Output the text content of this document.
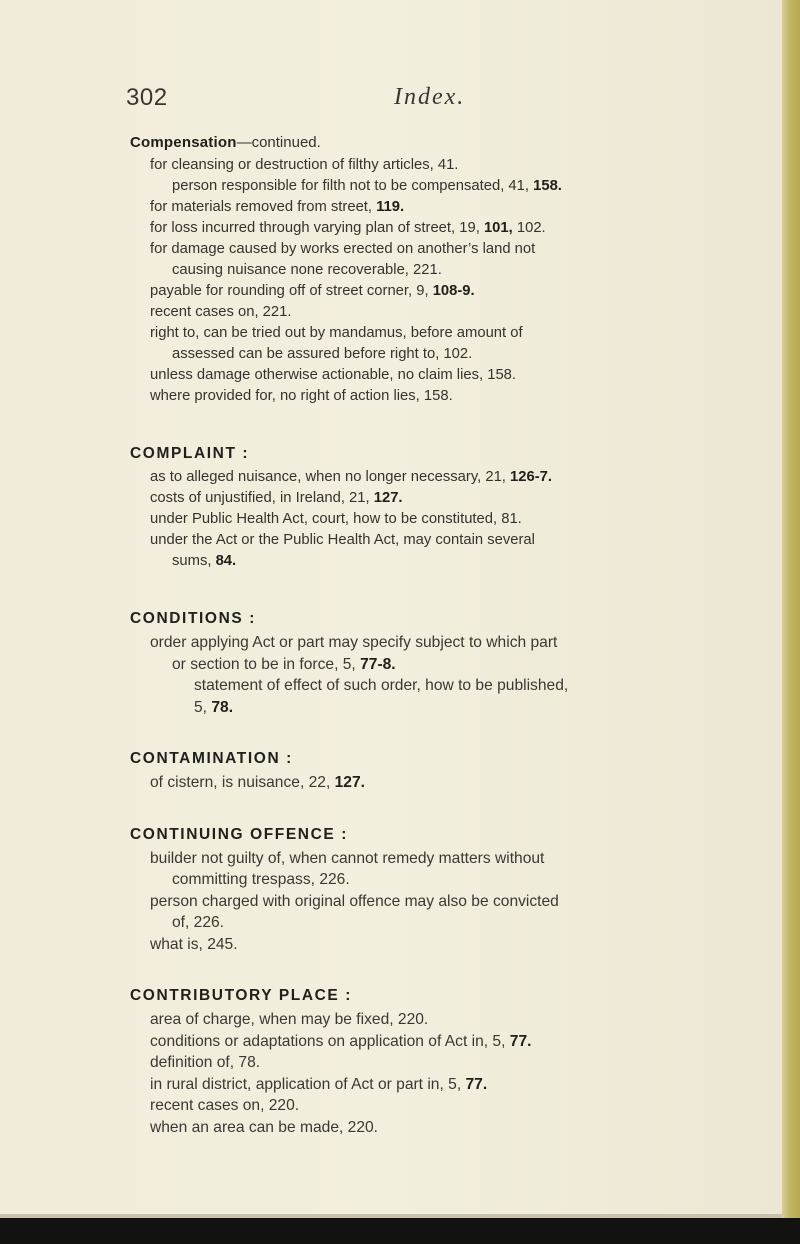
302	Index.
Compensation—continued.
for cleansing or destruction of filthy articles, 41.
person responsible for filth not to be compensated, 41, 158.
for materials removed from street, 119.
for loss incurred through varying plan of street, 19, 101, 102.
for damage caused by works erected on another’s land not
causing nuisance none recoverable, 221.
payable for rounding off of street corner, 9, 108-9.
recent cases on, 221.
right to, can be tried out by mandamus, before amount of
assessed can be assured before right to, 102.
unless damage otherwise actionable, no claim lies, 158.
where provided for, no right of action lies, 158.
COMPLAINT :
as to alleged nuisance, when no longer necessary, 21, 126-7.
costs of unjustified, in Ireland, 21, 127.
under Public Health Act, court, how to be constituted, 81.
under the Act or the Public Health Act, may contain several
sums, 84.
CONDITIONS :
order applying Act or part may specify subject to which part
or section to be in force, 5, 77-8.
statement of effect of such order, how to be published,
5, 78.
CONTAMINATION :
of cistern, is nuisance, 22, 127.
CONTINUING OFFENCE :
builder not guilty of, when cannot remedy matters without
committing trespass, 226.
person charged with original offence may also be convicted
of, 226.
what is, 245.
CONTRIBUTORY PLACE :
area of charge, when may be fixed, 220.
conditions or adaptations on application of Act in, 5, 77.
definition of, 78.
in rural district, application of Act or part in, 5, 77.
recent cases on, 220.
when an area can be made, 220.
